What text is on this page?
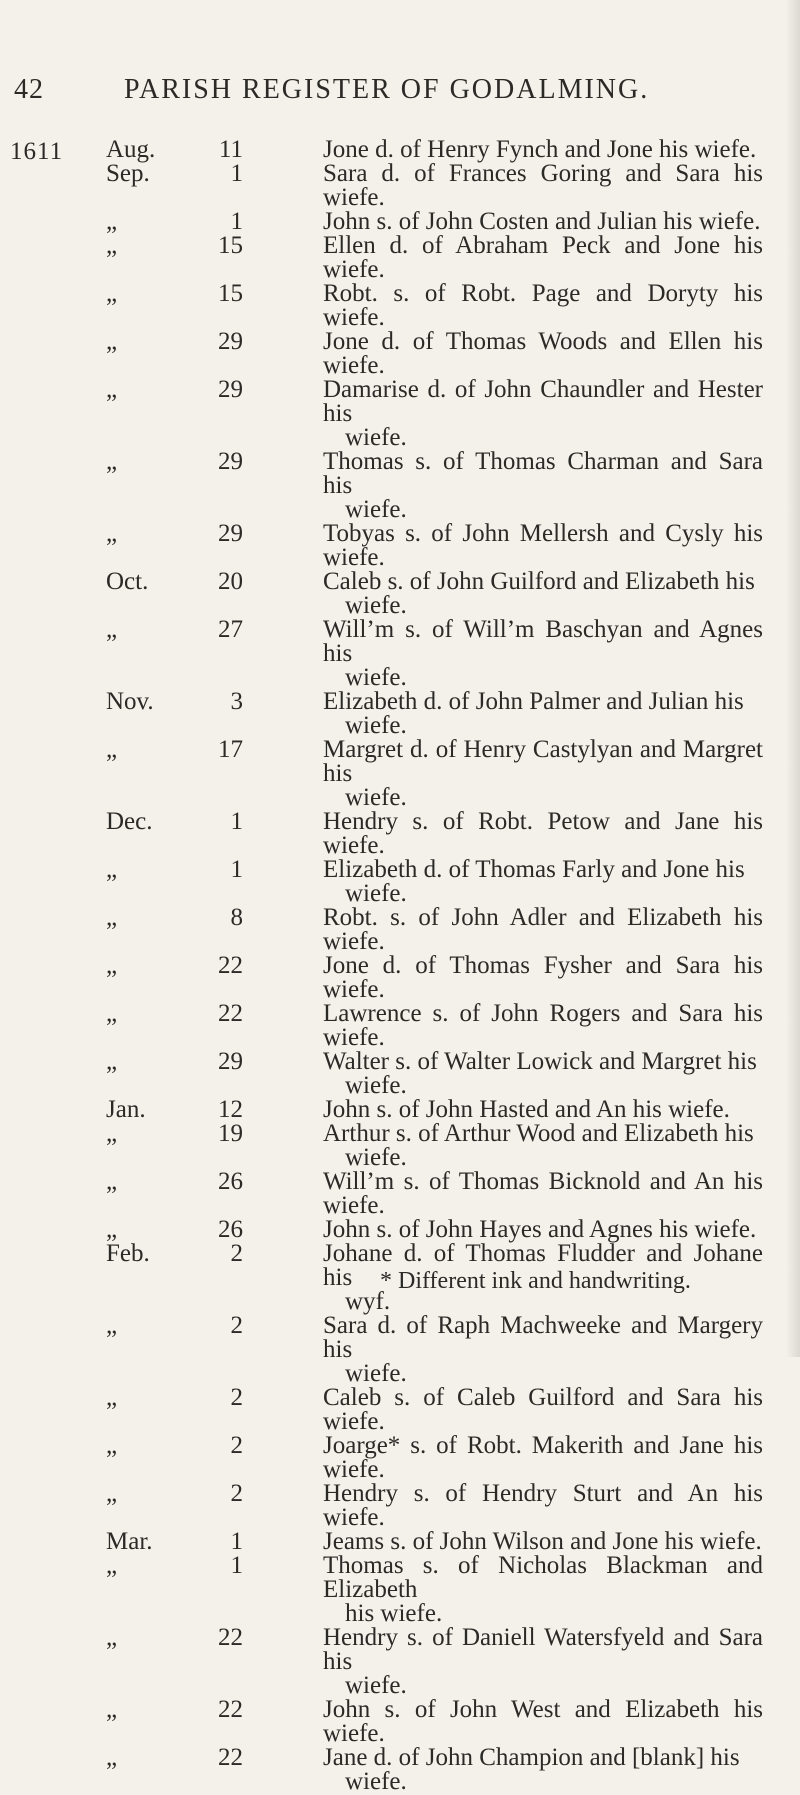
42	PARISH REGISTER OF GODALMING.
1611 Aug.	11	Jone d. of Henry Fynch and Jone his wiefe.
Sep.	1	Sara d. of Frances Goring and Sara his wiefe.
„	1	John s. of John Costen and Julian his wiefe.
„	15	Ellen d. of Abraham Peck and Jone his wiefe.
„	15	Robt. s. of Robt. Page and Doryty his wiefe.
„	29	Jone d. of Thomas Woods and Ellen his wiefe.
„	29	Damarise d. of John Chaundler and Hester his
wiefe.
„	29	Thomas s. of Thomas Charman and Sara his
wiefe.
„	29	Tobyas s. of John Mellersh and Cysly his wiefe.
Oct.	20	Caleb s. of John Guilford and Elizabeth his
wiefe.
„	27	Will’m s. of Will’m Baschyan and Agnes his
wiefe.
Nov.	3	Elizabeth d. of John Palmer and Julian his
wiefe.
„	17	Margret d. of Henry Castylyan and Margret his
wiefe.
Dec.	1	Hendry s. of Robt. Petow and Jane his wiefe.
„	1	Elizabeth d. of Thomas Farly and Jone his
wiefe.
„	8	Robt. s. of John Adler and Elizabeth his wiefe.
„	22	Jone d. of Thomas Fysher and Sara his wiefe.
„	22	Lawrence s. of John Rogers and Sara his wiefe.
„	29	Walter s. of Walter Lowick and Margret his
wiefe.
Jan.	12	John s. of John Hasted and An his wiefe.
„	19	Arthur s. of Arthur Wood and Elizabeth his
wiefe.
„	26	Will’m s. of Thomas Bicknold and An his wiefe.
„	26	John s. of John Hayes and Agnes his wiefe.
Feb.	2	Johane d. of Thomas Fludder and Johane his
wyf.
„	2	Sara d. of Raph Machweeke and Margery his
wiefe.
„	2	Caleb s. of Caleb Guilford and Sara his wiefe.
„	2	Joarge* s. of Robt. Makerith and Jane his wiefe.
„	2	Hendry s. of Hendry Sturt and An his wiefe.
Mar.	1	Jeams s. of John Wilson and Jone his wiefe.
„	1	Thomas s. of Nicholas Blackman and Elizabeth
his wiefe.
„	22	Hendry s. of Daniell Watersfyeld and Sara his
wiefe.
„	22	John s. of John West and Elizabeth his wiefe.
„	22	Jane d. of John Champion and [blank] his
wiefe.
* Different ink and handwriting.
